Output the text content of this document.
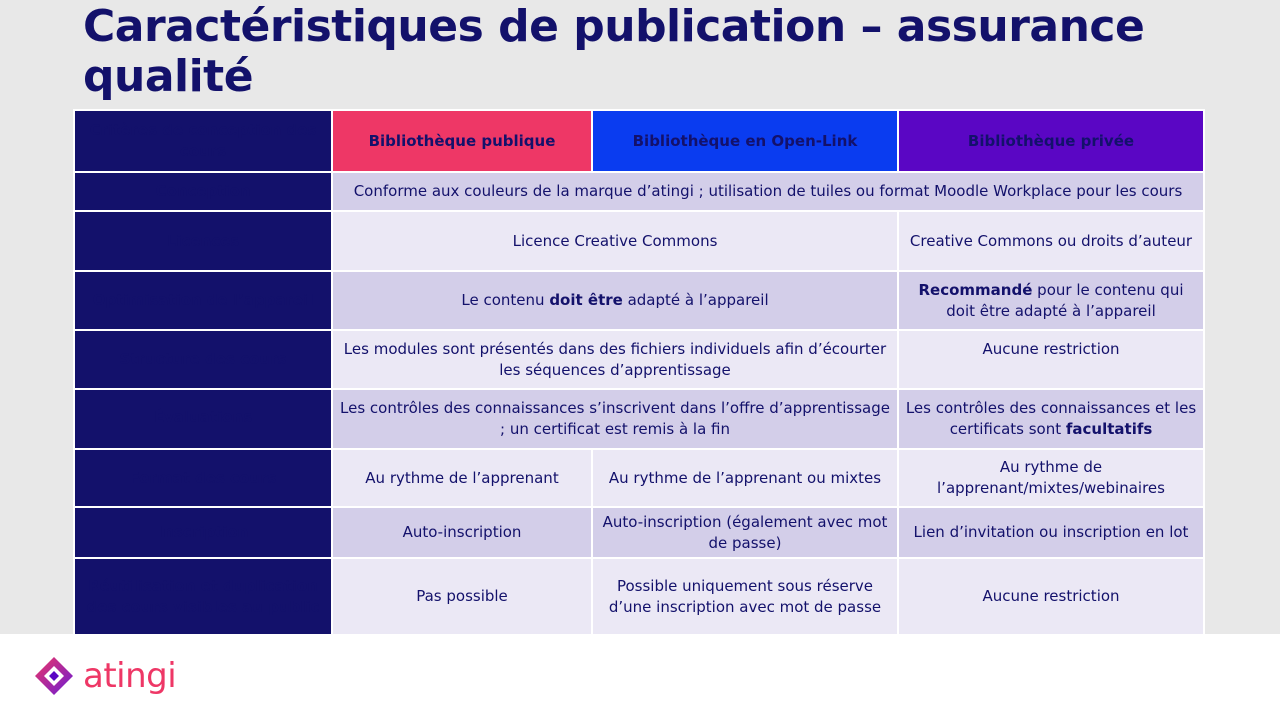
Caractéristiques de publication – assurance qualité
Critères de conception des cours	Bibliothèque publique	Bibliothèque en Open-Link	Bibliothèque privée
Conception	Conforme aux couleurs de la marque d’atingi ; utilisation de tuiles ou format Moodle Workplace pour les cours		
Licences	Licence Creative Commons		Creative Commons ou droits d’auteur
Optimisation de l’appareil	Le contenu doit être adapté à l’appareil		Recommandé pour le contenu qui doit être adapté à l’appareil
Structure des cours	Les modules sont présentés dans des fichiers individuels afin d’écourter les séquences d’apprentissage		Aucune restriction
Évaluations	Les contrôles des connaissances s’inscrivent dans l’offre d’apprentissage ; un certificat est remis à la fin		Les contrôles des connaissances et les certificats sont facultatifs
Format des cours	Au rythme de l’apprenant	Au rythme de l’apprenant ou mixtes	Au rythme de l’apprenant/mixtes/webinaires
Inscription	Auto-inscription	Auto-inscription (également avec mot de passe)	Lien d’invitation ou inscription en lot
Réutilisation et duplication des cours visibles au public	Pas possible	Possible uniquement sous réserve d’une inscription avec mot de passe	Aucune restriction
atingi
